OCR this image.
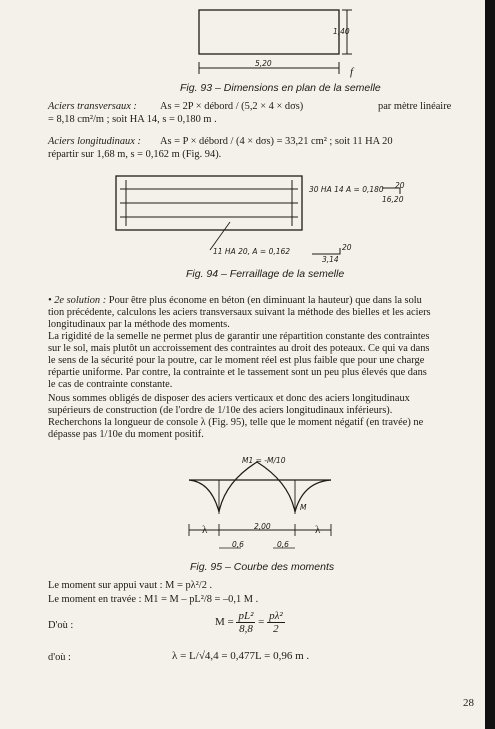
5,20
1,40
f
Fig. 93 – Dimensions en plan de la semelle
Aciers transversaux : As = 2P × débord / (5,2 × 4 × dσs)	par mètre linéaire
= 8,18 cm²/m ; soit HA 14, s = 0,180 m .
Aciers longitudinaux : As = P × débord / (4 × dσs) = 33,21 cm² ; soit 11 HA 20
répartir sur 1,68 m, s = 0,162 m (Fig. 94).
30 HA 14 A = 0,180 20
16,20
11 HA 20, A = 0,162	20
3,14
Fig. 94 – Ferraillage de la semelle
• 2e solution : Pour être plus économe en béton (en diminuant la hauteur) que dans la solu
tion précédente, calculons les aciers transversaux suivant la méthode des bielles et les aciers
longitudinaux par la méthode des moments.
La rigidité de la semelle ne permet plus de garantir une répartition constante des contraintes
sur le sol, mais plutôt un accroissement des contraintes au droit des poteaux. Ce qui va dans
le sens de la sécurité pour la poutre, car le moment réel est plus faible que pour une charge
répartie uniforme. Par contre, la contrainte et le tassement sont un peu plus élevés que dans
le cas de contrainte constante.
Nous sommes obligés de disposer des aciers verticaux et donc des aciers longitudinaux
supérieurs de construction (de l'ordre de 1/10e des aciers longitudinaux inférieurs).
Recherchons la longueur de console λ (Fig. 95), telle que le moment négatif (en travée) ne
dépasse pas 1/10e du moment positif.
M1 = -M/10
M
2,00
λ	λ
0,6	0,6
Fig. 95 – Courbe des moments
Le moment sur appui vaut : M = pλ²/2 .
Le moment en travée : M1 = M – pL²/8 = –0,1 M .
D'où :	$M = \frac{\text{pL²}}{8,8} = \frac{\text{pλ²}}{2}$
d'où :	λ = L/√4,4 = 0,477L = 0,96 m .
28
